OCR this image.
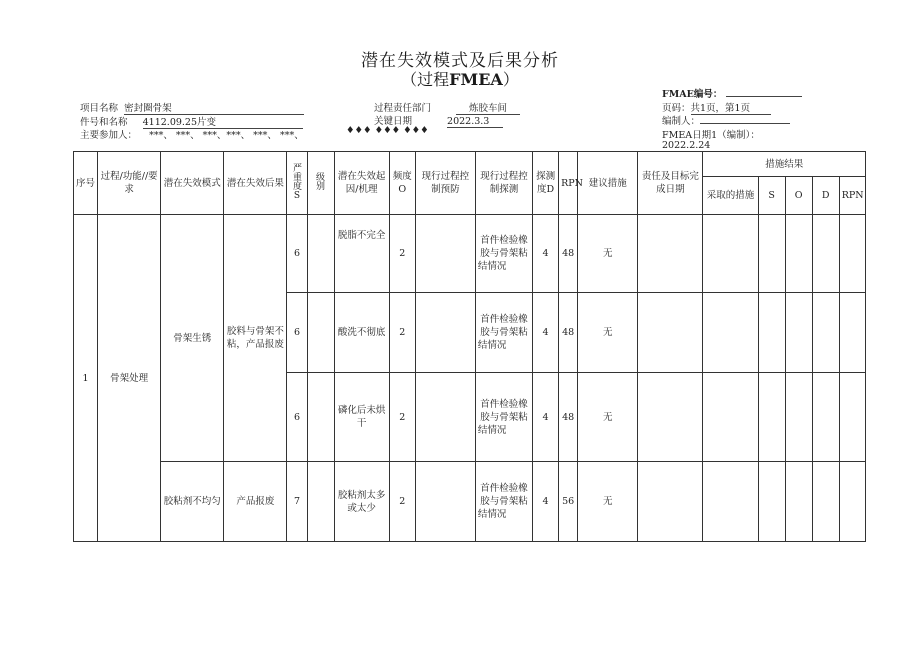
潜在失效模式及后果分析
（过程FMEA）
项目名称 密封圈骨架
件号和名称 4112.09.25片变
主要参加人： ***、 ***、 ***、***、 ***、 ***、	♦♦♦ ♦♦♦ ♦♦♦
过程责任部门	炼胶车间
关键日期	2022.3.3
FMAE编号：
页码：共1页，第1页
编制人：
FMEA日期1（编制）：
2022.2.24
序号	过程/功能//要求	潜在失效模式	潜在失效后果	严重度S	级别	潜在失效起因/机理	频度O	现行过程控制预防	现行过程控制探测	探测度D	RPN	建议措施	责任及目标完成日期	措施结果				
														采取的措施	S	O	D	RPN
1	骨架处理	骨架生锈	胶料与骨架不粘，产品报废	6		脱脂不完全	2		首件检验橡胶与骨架粘结情况	4	48	无						
				6		酸洗不彻底	2		首件检验橡胶与骨架粘结情况	4	48	无						
				6		磷化后未烘干	2		首件检验橡胶与骨架粘结情况	4	48	无						
		胶粘剂不均匀	产品报废	7		胶粘剂太多或太少	2		首件检验橡胶与骨架粘结情况	4	56	无						
